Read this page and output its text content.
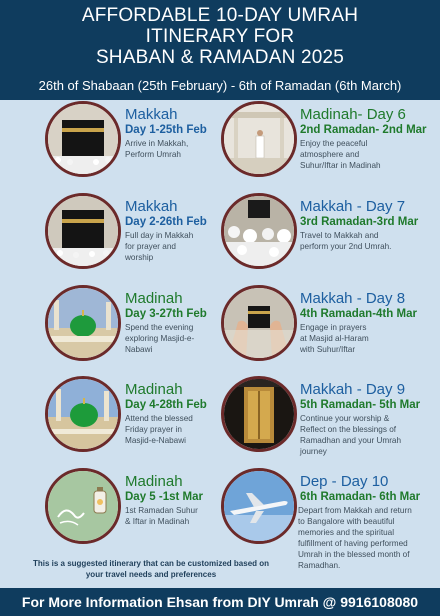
AFFORDABLE 10-DAY UMRAH
ITINERARY FOR
SHABAN & RAMADAN 2025
26th of Shabaan (25th February) - 6th of Ramadan (6th March)
Makkah
Day 1-25th Feb
Arrive in Makkah,
Perform Umrah
Makkah
Day 2-26th Feb
Full day in Makkah
for prayer and
worship
Madinah
Day 3-27th Feb
Spend the evening
exploring Masjid-e-
Nabawi
Madinah
Day 4-28th Feb
Attend the blessed
Friday prayer in
Masjid-e-Nabawi
Madinah
Day 5 -1st Mar
1st Ramadan Suhur
& Iftar in Madinah
Madinah- Day 6
2nd Ramadan- 2nd Mar
Enjoy the peaceful
atmosphere and
Suhur/Iftar in Madinah
Makkah - Day 7
3rd Ramadan-3rd Mar
Travel to Makkah and
perform your 2nd Umrah.
Makkah - Day 8
4th Ramadan-4th Mar
Engage in prayers
at Masjid al-Haram
with Suhur/Iftar
Makkah - Day 9
5th Ramadan- 5th Mar
Continue your worship &
Reflect on the blessings of
Ramadhan and your Umrah
journey
Dep - Day 10
6th Ramadan- 6th Mar
Depart from Makkah and return
to Bangalore with beautiful
memories and the spiritual
fulfillment of having performed
Umrah in the blessed month of
Ramadhan.
This is a suggested itinerary that can be customized based on
your travel needs and preferences
For More Information Ehsan from DIY Umrah @ 9916108080
